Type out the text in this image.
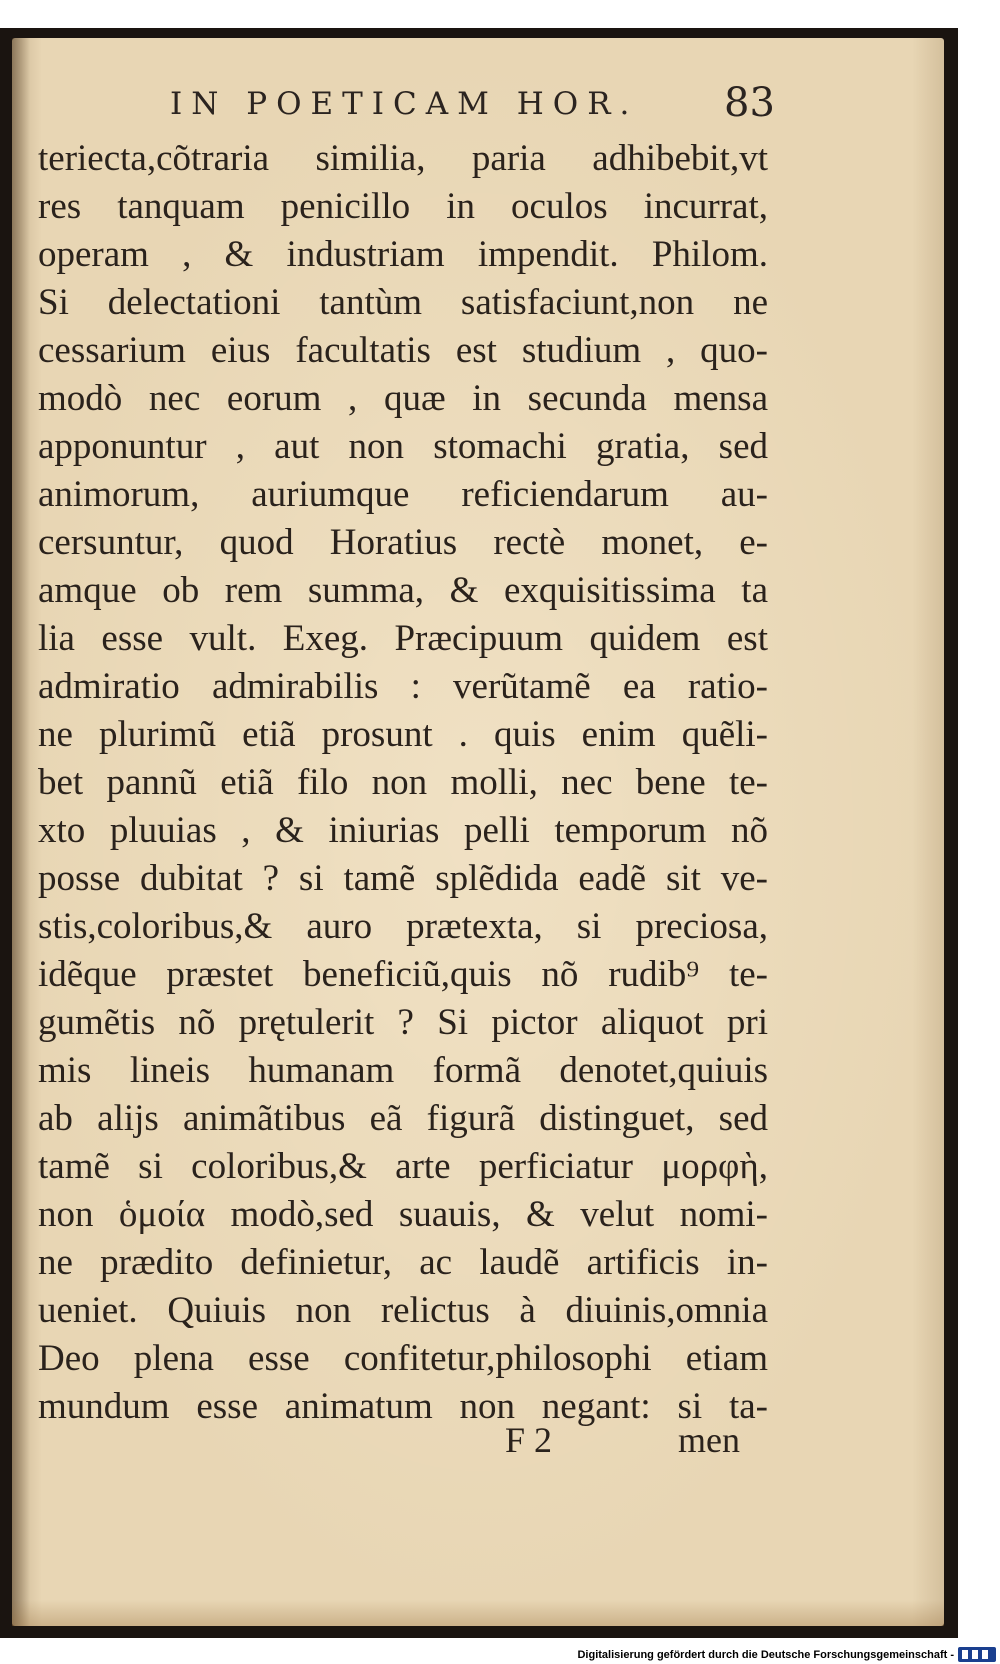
IN POETICAM HOR. 83
teriecta,cõtraria similia, paria adhibebit,vt
res tanquam penicillo in oculos incurrat,
operam , & industriam impendit. Philom.
Si delectationi tantùm satisfaciunt,non ne
cessarium eius facultatis est studium , quo-
modò nec eorum , quæ in secunda mensa
apponuntur , aut non stomachi gratia, sed
animorum, auriumque reficiendarum au-
cersuntur, quod Horatius rectè monet, e-
amque ob rem summa, & exquisitissima ta
lia esse vult. Exeg. Præcipuum quidem est
admiratio admirabilis : verũtamẽ ea ratio-
ne plurimũ etiã prosunt . quis enim quẽli-
bet pannũ etiã filo non molli, nec bene te-
xto pluuias , & iniurias pelli temporum nõ
posse dubitat ? si tamẽ splẽdida eadẽ sit ve-
stis,coloribus,& auro prætexta, si preciosa,
idẽque præstet beneficiũ,quis nõ rudib⁹ te-
gumẽtis nõ prętulerit ? Si pictor aliquot pri
mis lineis humanam formã denotet,quiuis
ab alijs animãtibus eã figurã distinguet, sed
tamẽ si coloribus,& arte perficiatur μορφὴ,
non ὁμοία modò,sed suauis, & velut nomi-
ne prædito definietur, ac laudẽ artificis in-
ueniet. Quiuis non relictus à diuinis,omnia
Deo plena esse confitetur,philosophi etiam
mundum esse animatum non negant: si ta-
F 2	men
Digitalisierung gefördert durch die Deutsche Forschungsgemeinschaft -
